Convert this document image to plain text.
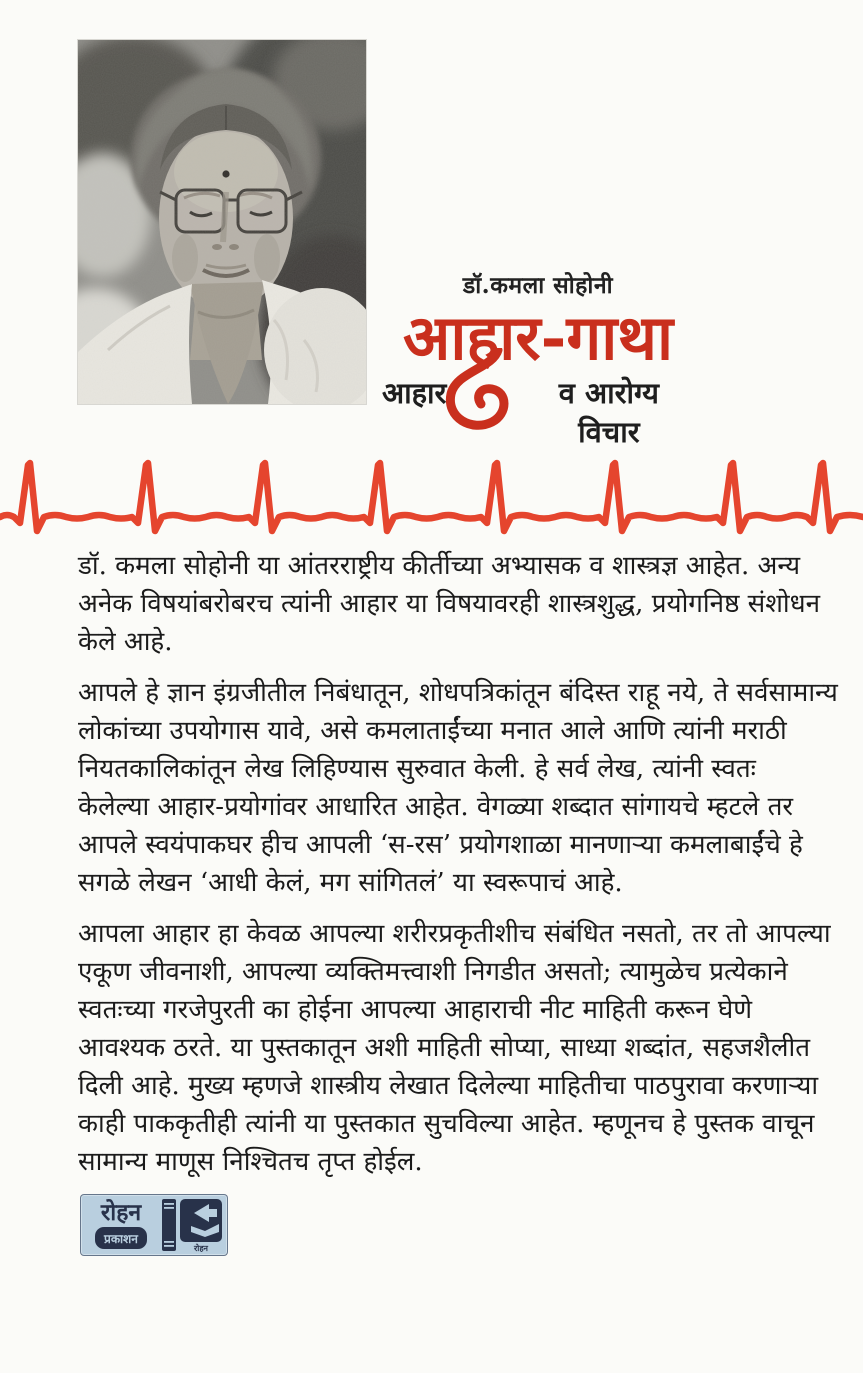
डॉ.कमला सोहोनी
आहार-गाथा
आहार	व आरोग्य विचार
डॉ. कमला सोहोनी या आंतरराष्ट्रीय कीर्तीच्या अभ्यासक व शास्त्रज्ञ आहेत. अन्य
अनेक विषयांबरोबरच त्यांनी आहार या विषयावरही शास्त्रशुद्ध, प्रयोगनिष्ठ संशोधन
केले आहे.
आपले हे ज्ञान इंग्रजीतील निबंधातून, शोधपत्रिकांतून बंदिस्त राहू नये, ते सर्वसामान्य
लोकांच्या उपयोगास यावे, असे कमलाताईंच्या मनात आले आणि त्यांनी मराठी
नियतकालिकांतून लेख लिहिण्यास सुरुवात केली. हे सर्व लेख, त्यांनी स्वतः
केलेल्या आहार-प्रयोगांवर आधारित आहेत. वेगळ्या शब्दात सांगायचे म्हटले तर
आपले स्वयंपाकघर हीच आपली ‘स-रस’ प्रयोगशाळा मानणाऱ्या कमलाबाईंचे हे
सगळे लेखन ‘आधी केलं, मग सांगितलं’ या स्वरूपाचं आहे.
आपला आहार हा केवळ आपल्या शरीरप्रकृतीशीच संबंधित नसतो, तर तो आपल्या
एकूण जीवनाशी, आपल्या व्यक्तिमत्त्वाशी निगडीत असतो; त्यामुळेच प्रत्येकाने
स्वतःच्या गरजेपुरती का होईना आपल्या आहाराची नीट माहिती करून घेणे
आवश्यक ठरते. या पुस्तकातून अशी माहिती सोप्या, साध्या शब्दांत, सहजशैलीत
दिली आहे. मुख्य म्हणजे शास्त्रीय लेखात दिलेल्या माहितीचा पाठपुरावा करणाऱ्या
काही पाककृतीही त्यांनी या पुस्तकात सुचविल्या आहेत. म्हणूनच हे पुस्तक वाचून
सामान्य माणूस निश्चितच तृप्त होईल.
रोहन
प्रकाशन
रोहन
